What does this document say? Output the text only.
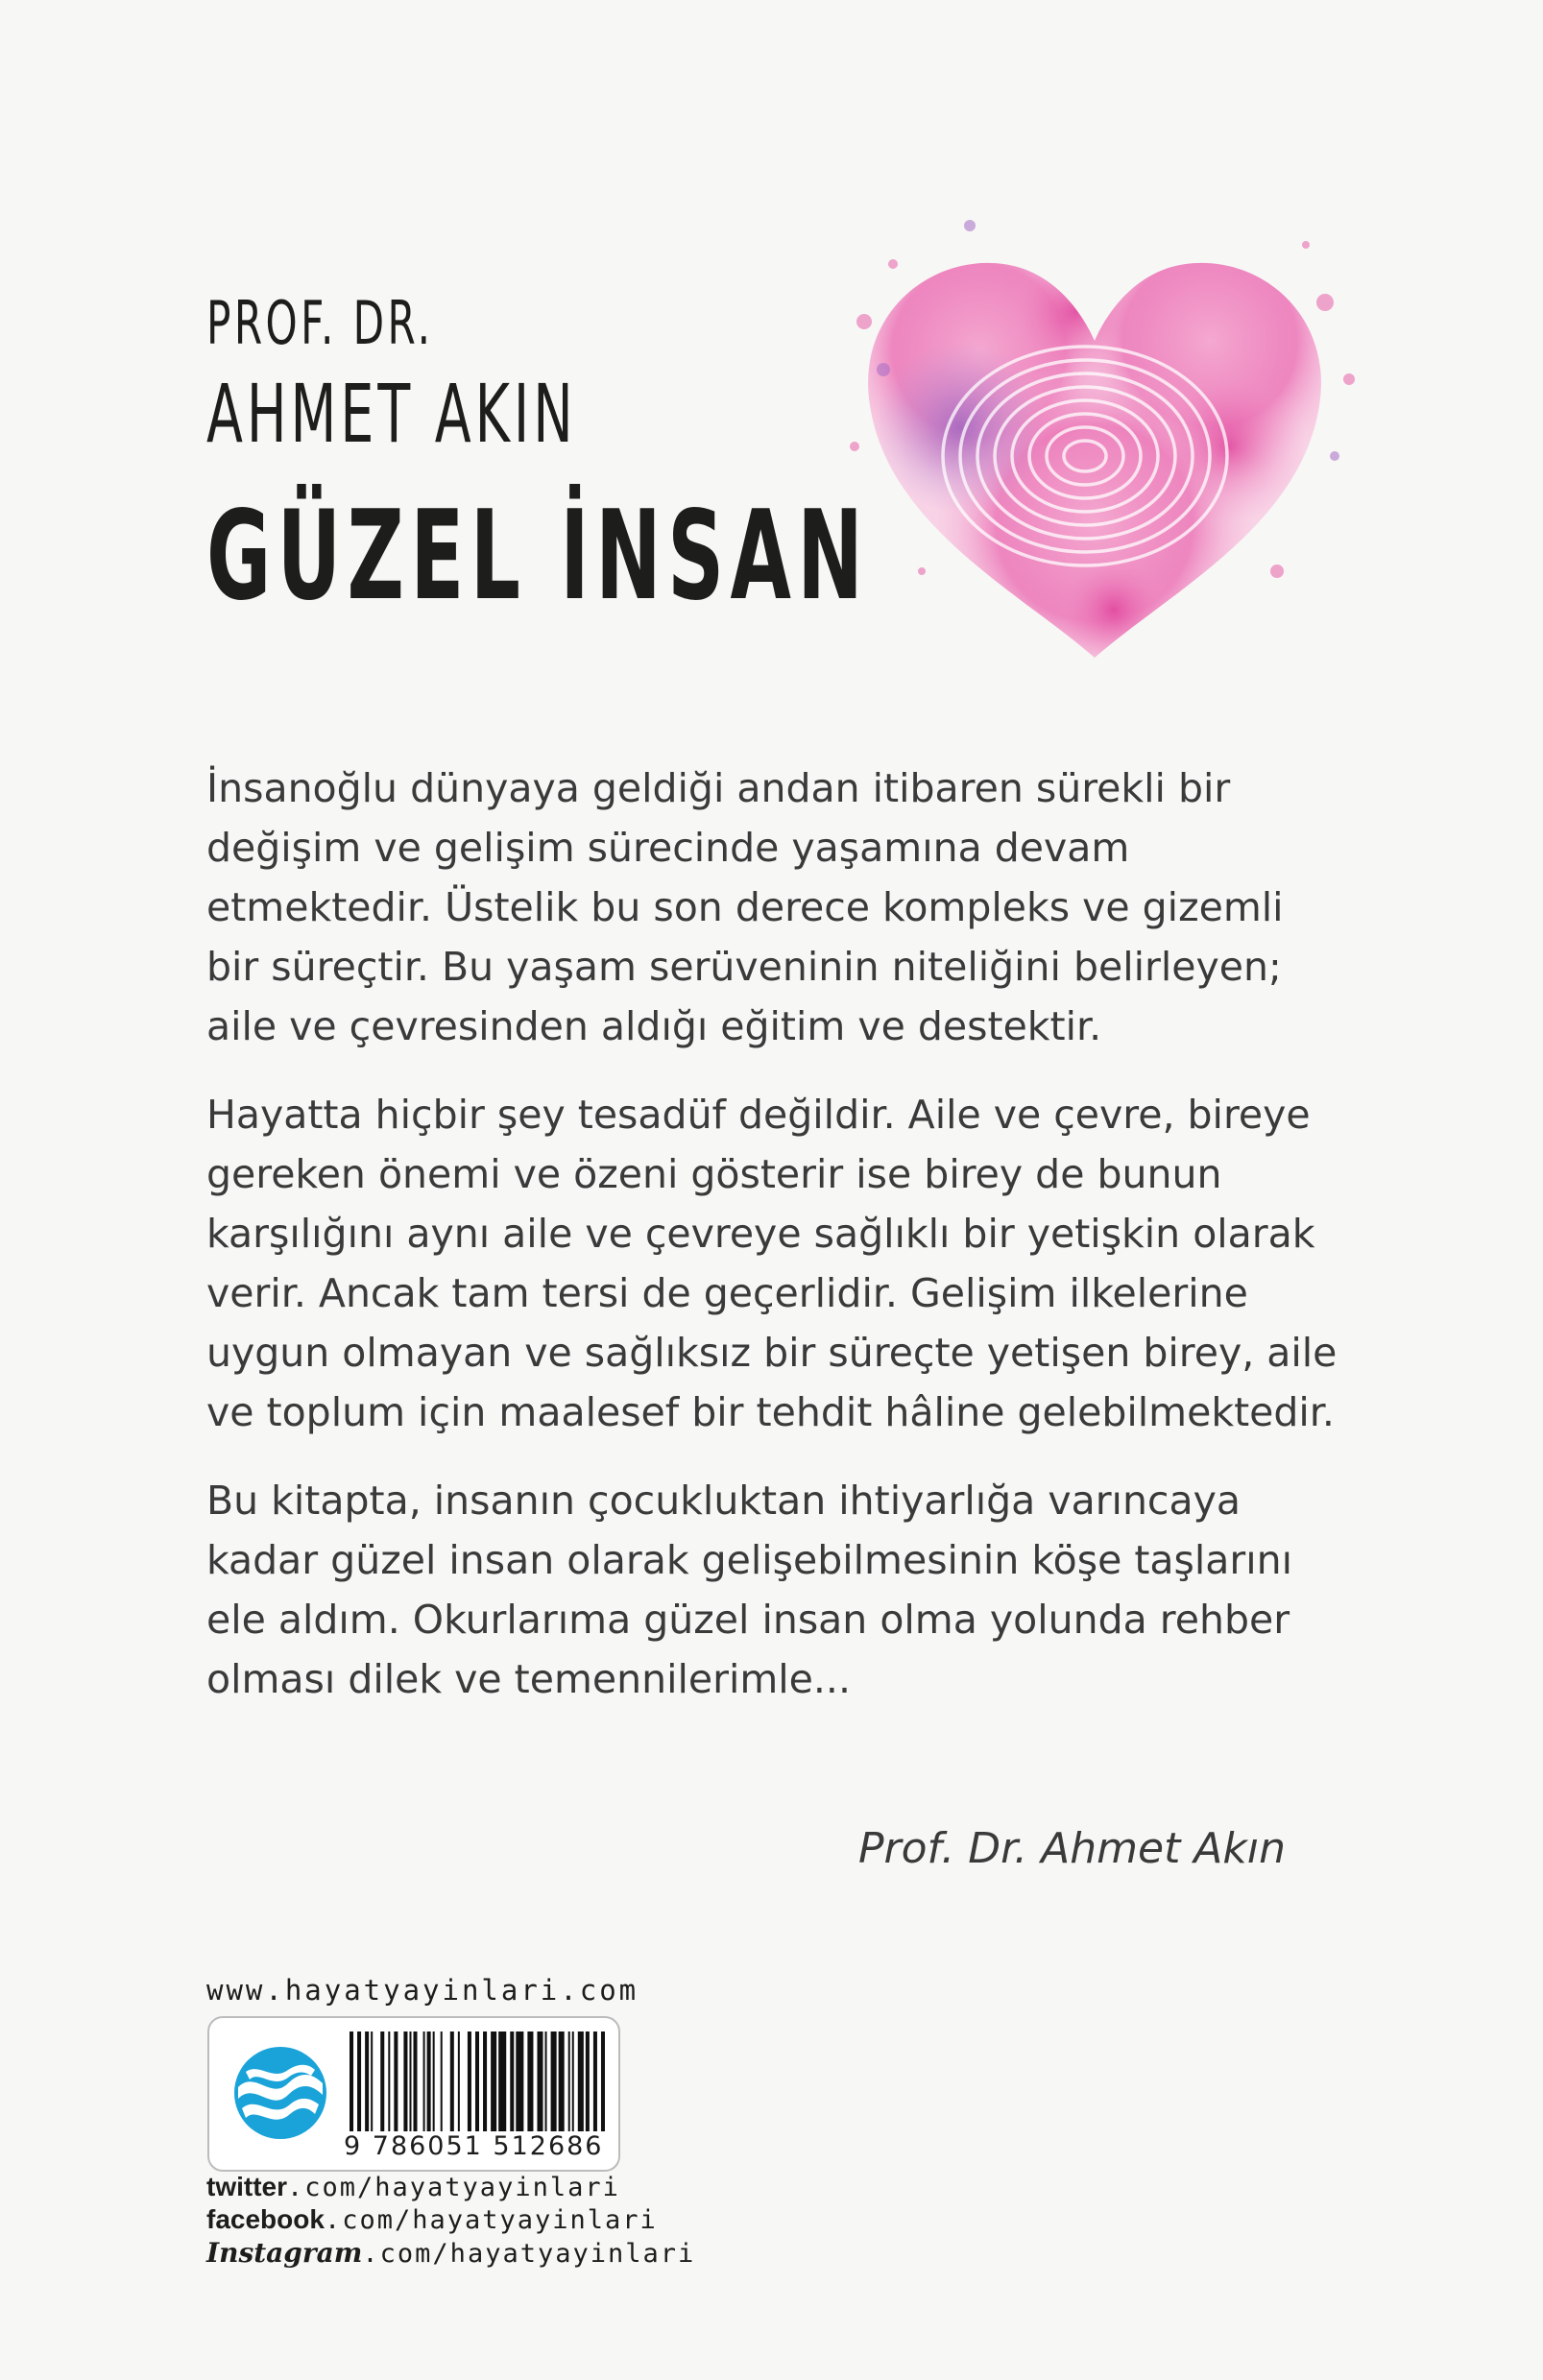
PROF. DR.
AHMET AKIN
GÜZEL İNSAN

İnsanoğlu dünyaya geldiği andan itibaren sürekli bir değişim ve gelişim sürecinde yaşamına devam etmektedir. Üstelik bu son derece kompleks ve gizemli bir süreçtir. Bu yaşam serüveninin niteliğini belirleyen; aile ve çevresinden aldığı eğitim ve destektir.

Hayatta hiçbir şey tesadüf değildir. Aile ve çevre, bireye gereken önemi ve özeni gösterir ise birey de bunun karşılığını aynı aile ve çevreye sağlıklı bir yetişkin olarak verir. Ancak tam tersi de geçerlidir. Gelişim ilkelerine uygun olmayan ve sağlıksız bir süreçte yetişen birey, aile ve toplum için maalesef bir tehdit hâline gelebilmektedir.

Bu kitapta, insanın çocukluktan ihtiyarlığa varıncaya kadar güzel insan olarak gelişebilmesinin köşe taşlarını ele aldım. Okurlarıma güzel insan olma yolunda rehber olması dilek ve temennilerimle...

Prof. Dr. Ahmet Akın

www.hayatyayinlari.com

9 786051 512686

twitter.com/hayatyayinlari

facebook.com/hayatyayinlari

Instagram.com/hayatyayinlari
